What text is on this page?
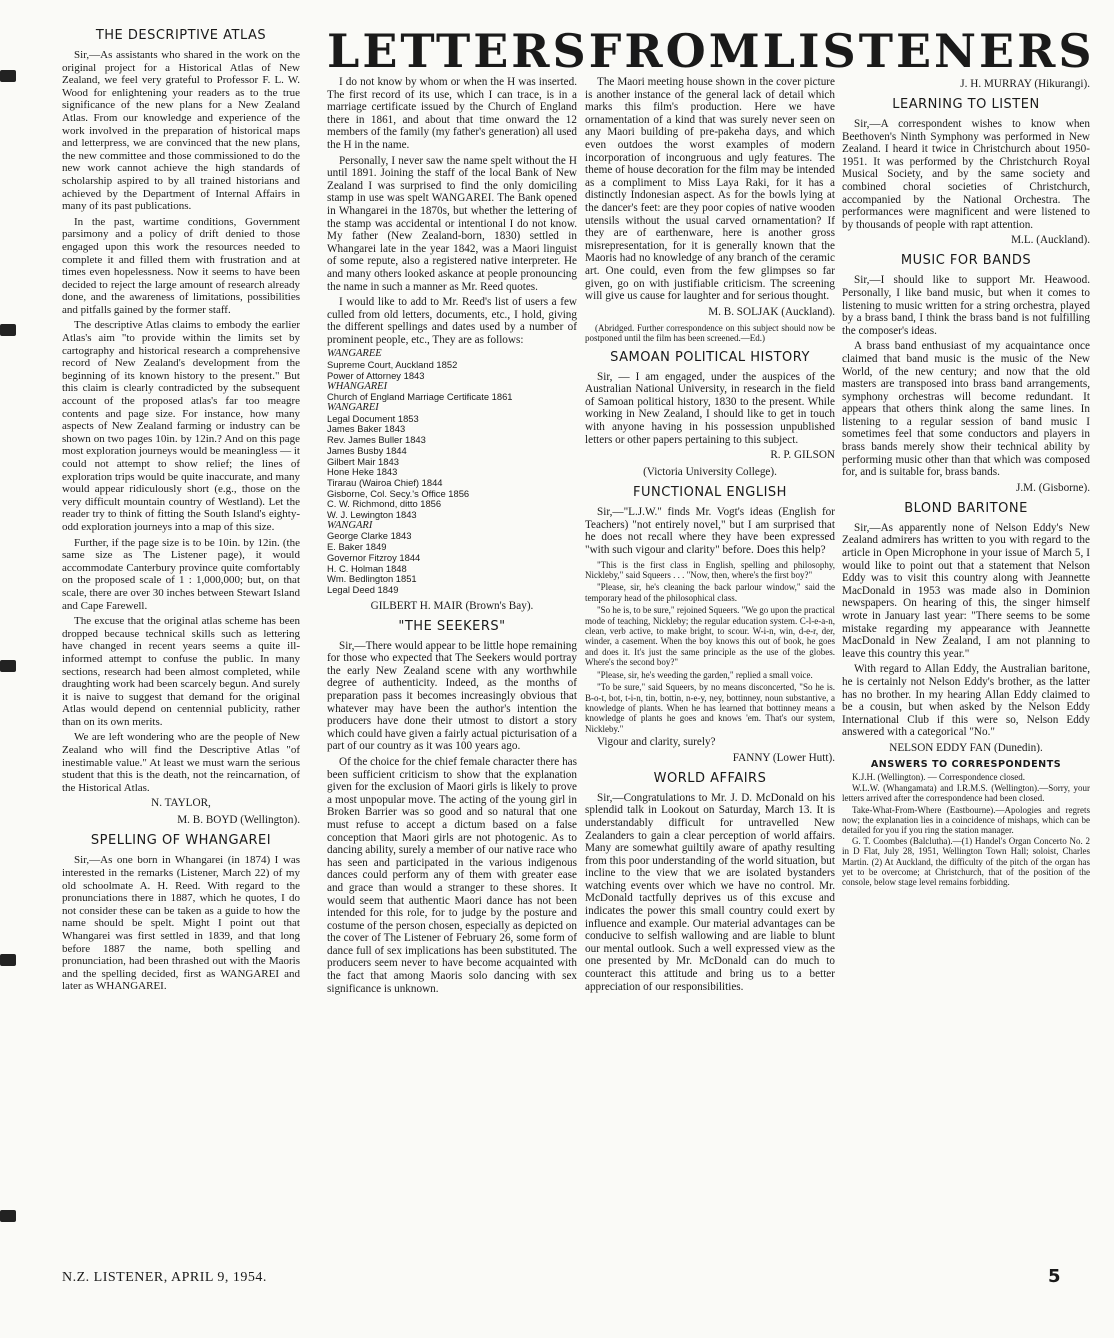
LETTERS FROM LISTENERS
THE DESCRIPTIVE ATLAS

Sir,—As assistants who shared in the work on the original project for a Historical Atlas of New Zealand, we feel very grateful to Professor F. L. W. Wood for enlightening your readers as to the true significance of the new plans for a New Zealand Atlas. From our knowledge and experience of the work involved in the preparation of historical maps and letterpress, we are convinced that the new plans, the new committee and those commissioned to do the new work cannot achieve the high standards of scholarship aspired to by all trained historians and achieved by the Department of Internal Affairs in many of its past publications.

In the past, wartime conditions, Government parsimony and a policy of drift denied to those engaged upon this work the resources needed to complete it and filled them with frustration and at times even hopelessness. Now it seems to have been decided to reject the large amount of research already done, and the awareness of limitations, possibilities and pitfalls gained by the former staff.

The descriptive Atlas claims to embody the earlier Atlas's aim "to provide within the limits set by cartography and historical research a comprehensive record of New Zealand's development from the beginning of its known history to the present." But this claim is clearly contradicted by the subsequent account of the proposed atlas's far too meagre contents and page size. For instance, how many aspects of New Zealand farming or industry can be shown on two pages 10in. by 12in.? And on this page most exploration journeys would be meaningless — it could not attempt to show relief; the lines of exploration trips would be quite inaccurate, and many would appear ridiculously short (e.g., those on the very difficult mountain country of Westland). Let the reader try to think of fitting the South Island's eighty-odd exploration journeys into a map of this size.

Further, if the page size is to be 10in. by 12in. (the same size as The Listener page), it would accommodate Canterbury province quite comfortably on the proposed scale of 1 : 1,000,000; but, on that scale, there are over 30 inches between Stewart Island and Cape Farewell.

The excuse that the original atlas scheme has been dropped because technical skills such as lettering have changed in recent years seems a quite ill-informed attempt to confuse the public. In many sections, research had been almost completed, while draughting work had been scarcely begun. And surely it is naive to suggest that demand for the original Atlas would depend on centennial publicity, rather than on its own merits.

We are left wondering who are the people of New Zealand who will find the Descriptive Atlas "of inestimable value." At least we must warn the serious student that this is the death, not the reincarnation, of the Historical Atlas.

N. TAYLOR,
M. B. BOYD (Wellington).
SPELLING OF WHANGAREI

Sir,—As one born in Whangarei (in 1874) I was interested in the remarks (Listener, March 22) of my old schoolmate A. H. Reed. With regard to the pronunciations there in 1887, which he quotes, I do not consider these can be taken as a guide to how the name should be spelt. Might I point out that Whangarei was first settled in 1839, and that long before 1887 the name, both spelling and pronunciation, had been thrashed out with the Maoris and the spelling decided, first as WANGAREI and later as WHANGAREI.

I do not know by whom or when the H was inserted. The first record of its use, which I can trace, is in a marriage certificate issued by the Church of England there in 1861, and about that time onward the 12 members of the family (my father's generation) all used the H in the name.

Personally, I never saw the name spelt without the H until 1891. Joining the staff of the local Bank of New Zealand I was surprised to find the only domiciling stamp in use was spelt WANGAREI. The Bank opened in Whangarei in the 1870s, but whether the lettering of the stamp was accidental or intentional I do not know. My father (New Zealand-born, 1830) settled in Whangarei late in the year 1842, was a Maori linguist of some repute, also a registered native interpreter. He and many others looked askance at people pronouncing the name in such a manner as Mr. Reed quotes.

I would like to add to Mr. Reed's list of users a few culled from old letters, documents, etc., I hold, giving the different spellings and dates used by a number of prominent people, etc., They are as follows:

WANGAREE
Supreme Court, Auckland 1852
Power of Attorney 1843
WHANGAREI
Church of England Marriage Certificate 1861
WANGAREI
Legal Document 1853
James Baker 1843
Rev. James Buller 1843
James Busby 1844
Gilbert Mair 1843
Hone Heke 1843
Tirarau (Wairoa Chief) 1844
Gisborne, Col. Secy.'s Office 1856
C. W. Richmond, ditto 1856
W. J. Lewington 1843
WANGARI
George Clarke 1843
E. Baker 1849
Governor Fitzroy 1844
H. C. Holman 1848
Wm. Bedlington 1851
Legal Deed 1849
GILBERT H. MAIR (Brown's Bay).
"THE SEEKERS"

Sir,—There would appear to be little hope remaining for those who expected that The Seekers would portray the early New Zealand scene with any worthwhile degree of authenticity. Indeed, as the months of preparation pass it becomes increasingly obvious that whatever may have been the author's intention the producers have done their utmost to distort a story which could have given a fairly actual picturisation of a part of our country as it was 100 years ago.

Of the choice for the chief female character there has been sufficient criticism to show that the explanation given for the exclusion of Maori girls is likely to prove a most unpopular move. The acting of the young girl in Broken Barrier was so good and so natural that one must refuse to accept a dictum based on a false conception that Maori girls are not photogenic. As to dancing ability, surely a member of our native race who has seen and participated in the various indigenous dances could perform any of them with greater ease and grace than would a stranger to these shores. It would seem that authentic Maori dance has not been intended for this role, for to judge by the posture and costume of the person chosen, especially as depicted on the cover of The Listener of February 26, some form of dance full of sex implications has been substituted. The producers seem never to have become acquainted with the fact that among Maoris solo dancing with sex significance is unknown.

The Maori meeting house shown in the cover picture is another instance of the general lack of detail which marks this film's production. Here we have ornamentation of a kind that was surely never seen on any Maori building of pre-pakeha days, and which even outdoes the worst examples of modern incorporation of incongruous and ugly features. The theme of house decoration for the film may be intended as a compliment to Miss Laya Raki, for it has a distinctly Indonesian aspect. As for the bowls lying at the dancer's feet: are they poor copies of native wooden utensils without the usual carved ornamentation? If they are of earthenware, here is another gross misrepresentation, for it is generally known that the Maoris had no knowledge of any branch of the ceramic art. One could, even from the few glimpses so far given, go on with justifiable criticism. The screening will give us cause for laughter and for serious thought.

M. B. SOLJAK (Auckland).
(Abridged. Further correspondence on this subject should now be postponed until the film has been screened.—Ed.)
SAMOAN POLITICAL HISTORY

Sir, — I am engaged, under the auspices of the Australian National University, in research in the field of Samoan political history, 1830 to the present. While working in New Zealand, I should like to get in touch with anyone having in his possession unpublished letters or other papers pertaining to this subject.

R. P. GILSON
(Victoria University College).
FUNCTIONAL ENGLISH

Sir,—"L.J.W." finds Mr. Vogt's ideas (English for Teachers) "not entirely novel," but I am surprised that he does not recall where they have been expressed "with such vigour and clarity" before. Does this help?

"This is the first class in English, spelling and philosophy, Nickleby," said Squeers . . . "Now, then, where's the first boy?"

"Please, sir, he's cleaning the back parlour window," said the temporary head of the philosophical class.

"So he is, to be sure," rejoined Squeers. "We go upon the practical mode of teaching, Nickleby; the regular education system. C-l-e-a-n, clean, verb active, to make bright, to scour. W-i-n, win, d-e-r, der, winder, a casement. When the boy knows this out of book, he goes and does it. It's just the same principle as the use of the globes. Where's the second boy?"

"Please, sir, he's weeding the garden," replied a small voice.

"To be sure," said Squeers, by no means disconcerted, "So he is. B-o-t, bot, t-i-n, tin, bottin, n-e-y, ney, bottinney, noun substantive, a knowledge of plants. When he has learned that bottinney means a knowledge of plants he goes and knows 'em. That's our system, Nickleby."

Vigour and clarity, surely?

FANNY (Lower Hutt).
WORLD AFFAIRS

Sir,—Congratulations to Mr. J. D. McDonald on his splendid talk in Lookout on Saturday, March 13. It is understandably difficult for untravelled New Zealanders to gain a clear perception of world affairs. Many are somewhat guiltily aware of apathy resulting from this poor understanding of the world situation, but incline to the view that we are isolated bystanders watching events over which we have no control. Mr. McDonald tactfully deprives us of this excuse and indicates the power this small country could exert by influence and example. Our material advantages can be conducive to selfish wallowing and are liable to blunt our mental outlook. Such a well expressed view as the one presented by Mr. McDonald can do much to counteract this attitude and bring us to a better appreciation of our responsibilities.

J. H. MURRAY (Hikurangi).
LEARNING TO LISTEN

Sir,—A correspondent wishes to know when Beethoven's Ninth Symphony was performed in New Zealand. I heard it twice in Christchurch about 1950-1951. It was performed by the Christchurch Royal Musical Society, and by the same society and combined choral societies of Christchurch, accompanied by the National Orchestra. The performances were magnificent and were listened to by thousands of people with rapt attention.

M.L. (Auckland).
MUSIC FOR BANDS

Sir,—I should like to support Mr. Heawood. Personally, I like band music, but when it comes to listening to music written for a string orchestra, played by a brass band, I think the brass band is not fulfilling the composer's ideas.

A brass band enthusiast of my acquaintance once claimed that band music is the music of the New World, of the new century; and now that the old masters are transposed into brass band arrangements, symphony orchestras will become redundant. It appears that others think along the same lines. In listening to a regular session of band music I sometimes feel that some conductors and players in brass bands merely show their technical ability by performing music other than that which was composed for, and is suitable for, brass bands.

J.M. (Gisborne).
BLOND BARITONE

Sir,—As apparently none of Nelson Eddy's New Zealand admirers has written to you with regard to the article in Open Microphone in your issue of March 5, I would like to point out that a statement that Nelson Eddy was to visit this country along with Jeannette MacDonald in 1953 was made also in Dominion newspapers. On hearing of this, the singer himself wrote in January last year: "There seems to be some mistake regarding my appearance with Jeannette MacDonald in New Zealand, I am not planning to leave this country this year."

With regard to Allan Eddy, the Australian baritone, he is certainly not Nelson Eddy's brother, as the latter has no brother. In my hearing Allan Eddy claimed to be a cousin, but when asked by the Nelson Eddy International Club if this were so, Nelson Eddy answered with a categorical "No."

NELSON EDDY FAN (Dunedin).
ANSWERS TO CORRESPONDENTS

K.J.H. (Wellington). — Correspondence closed.

W.L.W. (Whangamata) and I.R.M.S. (Wellington).—Sorry, your letters arrived after the correspondence had been closed.

Take-What-From-Where (Eastbourne).—Apologies and regrets now; the explanation lies in a coincidence of mishaps, which can be detailed for you if you ring the station manager.

G. T. Coombes (Balclutha).—(1) Handel's Organ Concerto No. 2 in D Flat, July 28, 1951, Wellington Town Hall; soloist, Charles Martin. (2) At Auckland, the difficulty of the pitch of the organ has yet to be overcome; at Christchurch, that of the position of the console, below stage level remains forbidding.

N.Z. LISTENER, APRIL 9, 1954.	5
